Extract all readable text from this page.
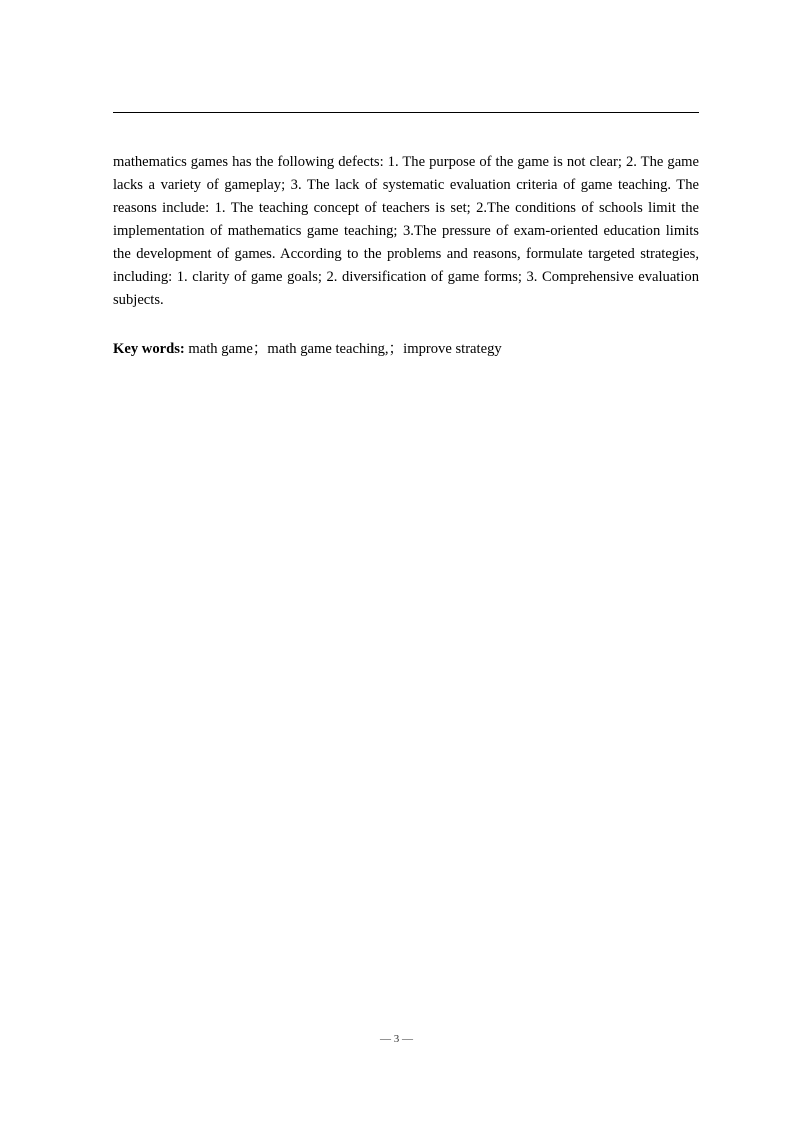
mathematics games has the following defects: 1. The purpose of the game is not clear; 2. The game lacks a variety of gameplay; 3. The lack of systematic evaluation criteria of game teaching. The reasons include: 1. The teaching concept of teachers is set; 2.The conditions of schools limit the implementation of mathematics game teaching; 3.The pressure of exam-oriented education limits the development of games. According to the problems and reasons, formulate targeted strategies, including: 1. clarity of game goals; 2. diversification of game forms; 3. Comprehensive evaluation subjects.

Key words: math game；math game teaching,；improve strategy

— 3 —
